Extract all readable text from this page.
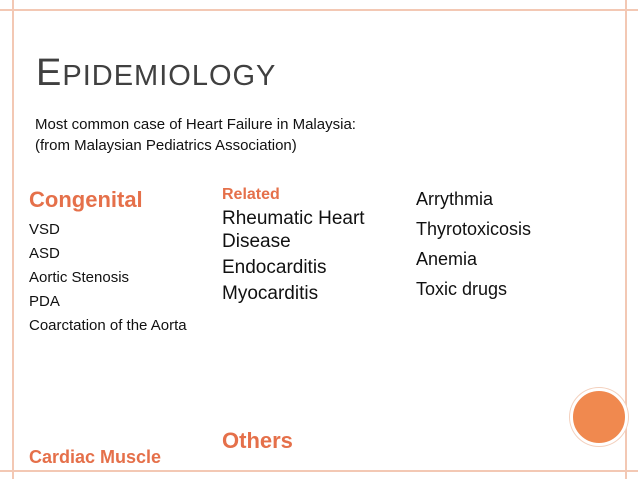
EPIDEMIOLOGY
Most common case of Heart Failure in Malaysia:
(from Malaysian Pediatrics Association)
Congenital
VSD
ASD
Aortic Stenosis
PDA
Coarctation of the Aorta
Related
Rheumatic Heart
Disease
Endocarditis
Myocarditis
Arrythmia
Thyrotoxicosis
Anemia
Toxic drugs
Cardiac Muscle
Others
